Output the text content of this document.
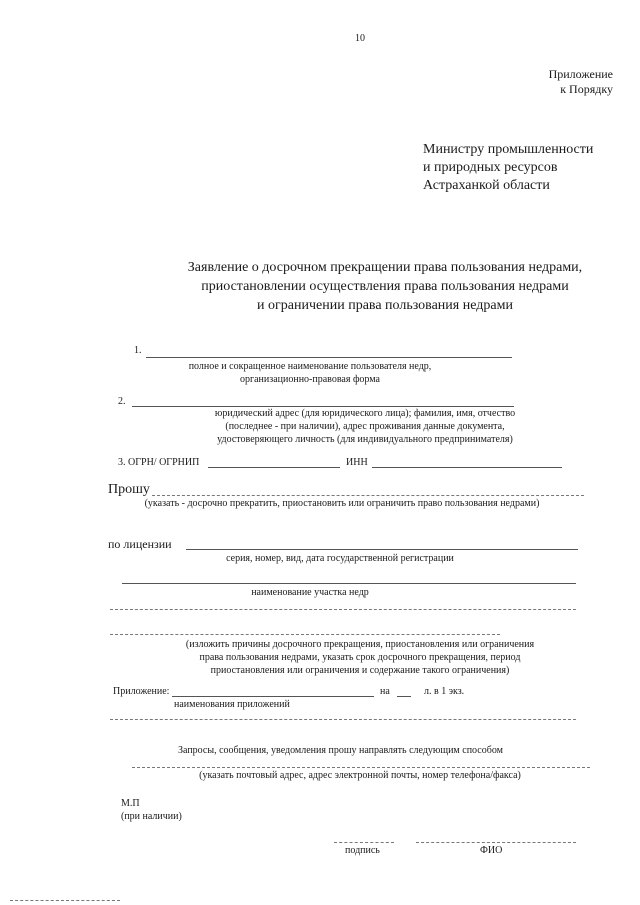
10
Приложение
к Порядку
Министру промышленности
и природных ресурсов
Астраханкой области
Заявление о досрочном прекращении права пользования недрами,
приостановлении осуществления права пользования недрами
и ограничении права пользования недрами
1.
полное и сокращенное наименование пользователя недр,
организационно-правовая форма
2.
юридический адрес (для юридического лица); фамилия, имя, отчество
(последнее - при наличии), адрес проживания данные документа,
удостоверяющего личность (для индивидуального предпринимателя)
3. ОГРН/ ОГРНИП	ИНН
Прошу
(указать - досрочно прекратить, приостановить или ограничить право пользования недрами)
по лицензии
серия, номер, вид, дата государственной регистрации
наименование участка недр
(изложить причины досрочного прекращения, приостановления или ограничения
права пользования недрами, указать срок досрочного прекращения, период
приостановления или ограничения и содержание такого ограничения)
Приложение:	на	л. в 1 экз.
наименования приложений
Запросы, сообщения, уведомления прошу направлять следующим способом
(указать почтовый адрес, адрес электронной почты, номер телефона/факса)
М.П
(при наличии)
подпись	ФИО
